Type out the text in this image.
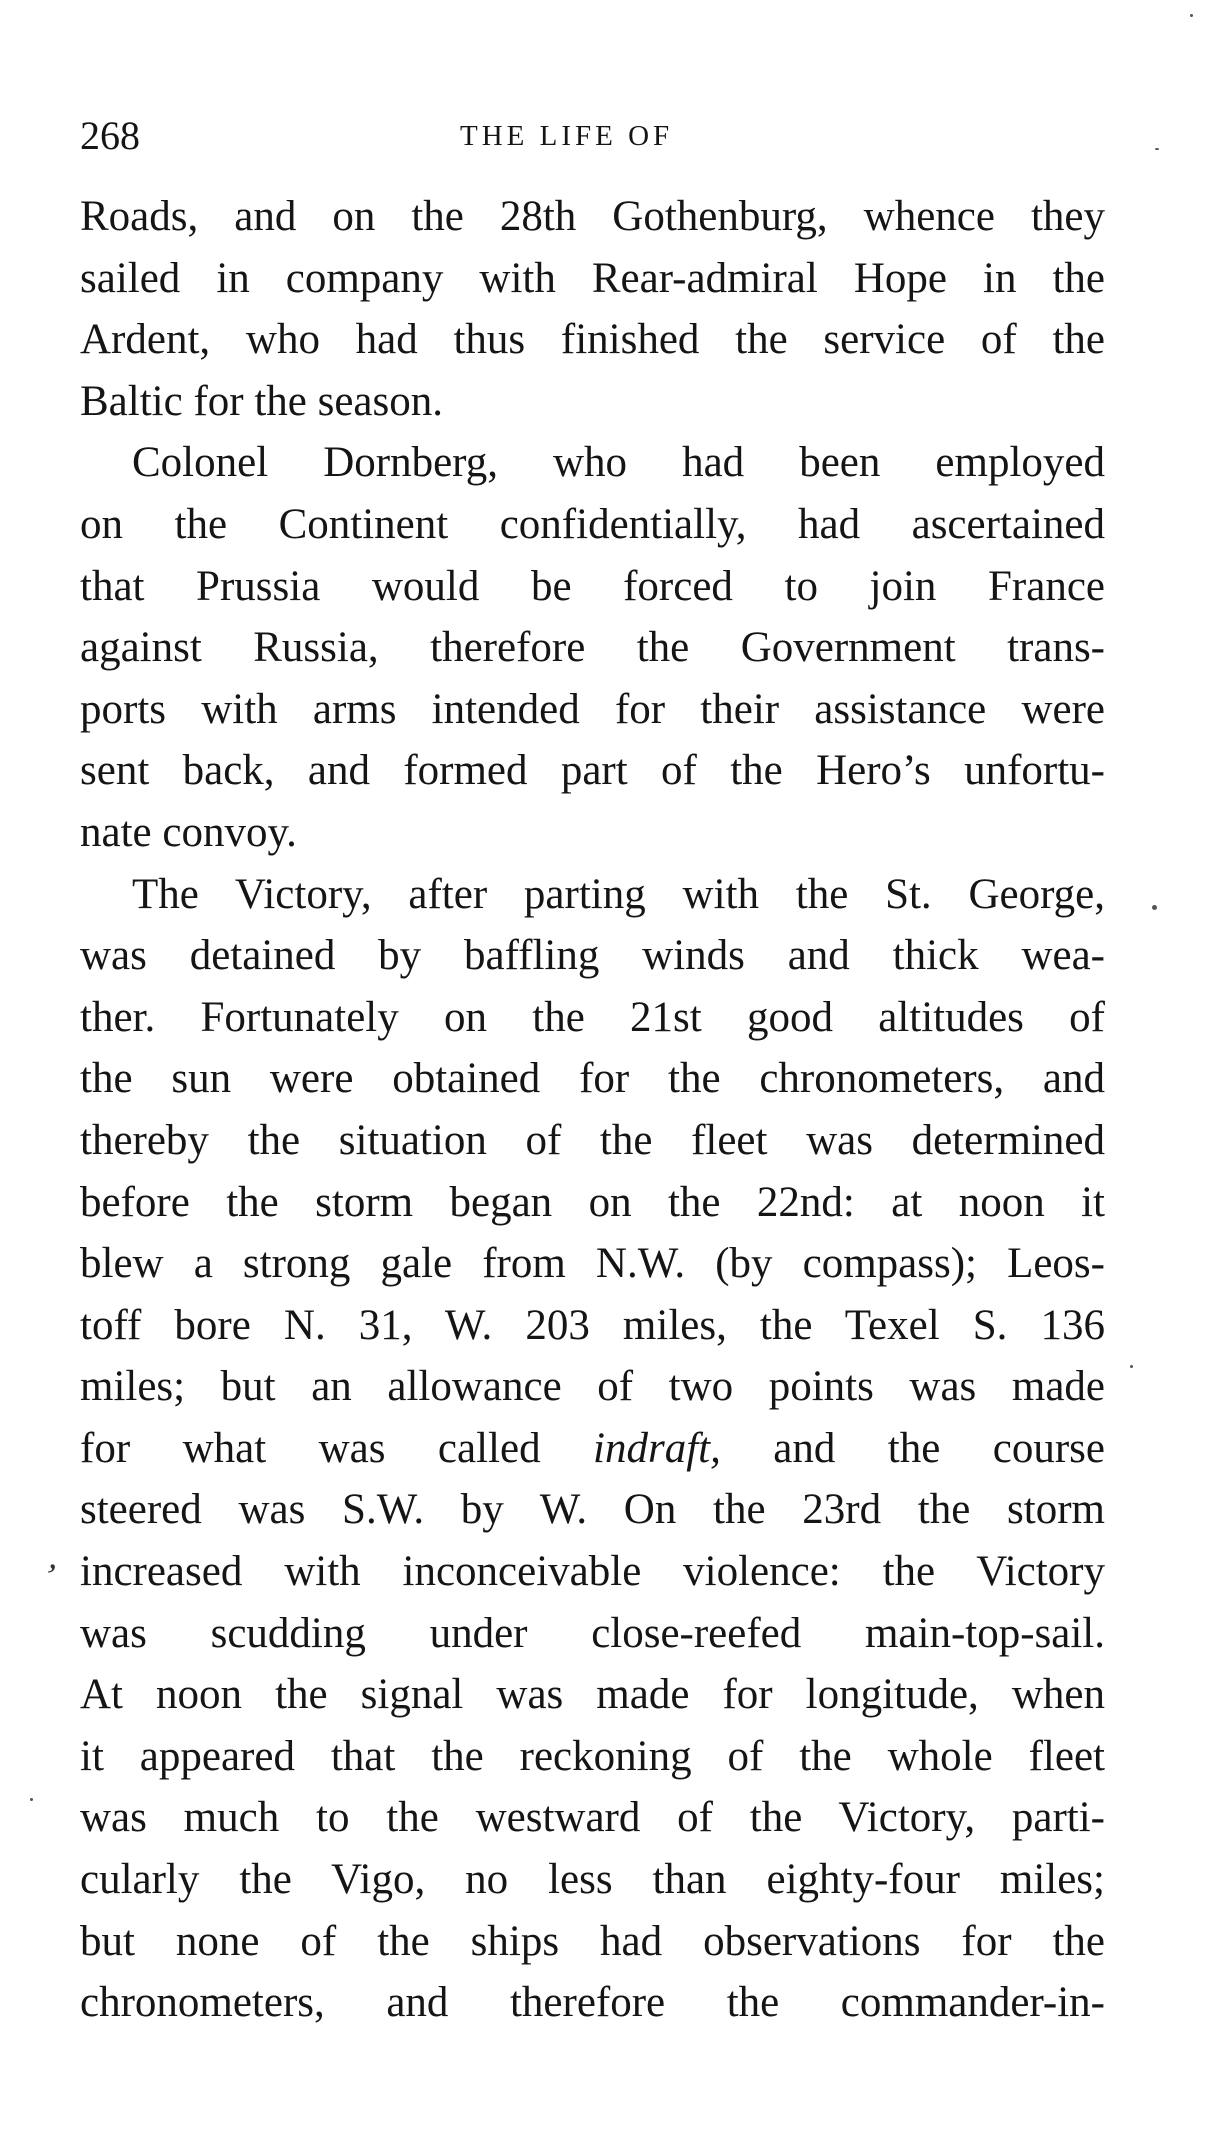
268	THE LIFE OF
Roads, and on the 28th Gothenburg, whence they
sailed in company with Rear-admiral Hope in the
Ardent, who had thus finished the service of the
Baltic for the season.
Colonel Dornberg, who had been employed
on the Continent confidentially, had ascertained
that Prussia would be forced to join France
against Russia, therefore the Government trans-
ports with arms intended for their assistance were
sent back, and formed part of the Hero’s unfortu-
nate convoy.
The Victory, after parting with the St. George,
was detained by baffling winds and thick wea-
ther. Fortunately on the 21st good altitudes of
the sun were obtained for the chronometers, and
thereby the situation of the fleet was determined
before the storm began on the 22nd: at noon it
blew a strong gale from N.W. (by compass); Leos-
toff bore N. 31, W. 203 miles, the Texel S. 136
miles; but an allowance of two points was made
for what was called indraft, and the course
steered was S.W. by W. On the 23rd the storm
increased with inconceivable violence: the Victory
was scudding under close-reefed main-top-sail.
At noon the signal was made for longitude, when
it appeared that the reckoning of the whole fleet
was much to the westward of the Victory, parti-
cularly the Vigo, no less than eighty-four miles;
but none of the ships had observations for the
chronometers, and therefore the commander-in-
ʼ
